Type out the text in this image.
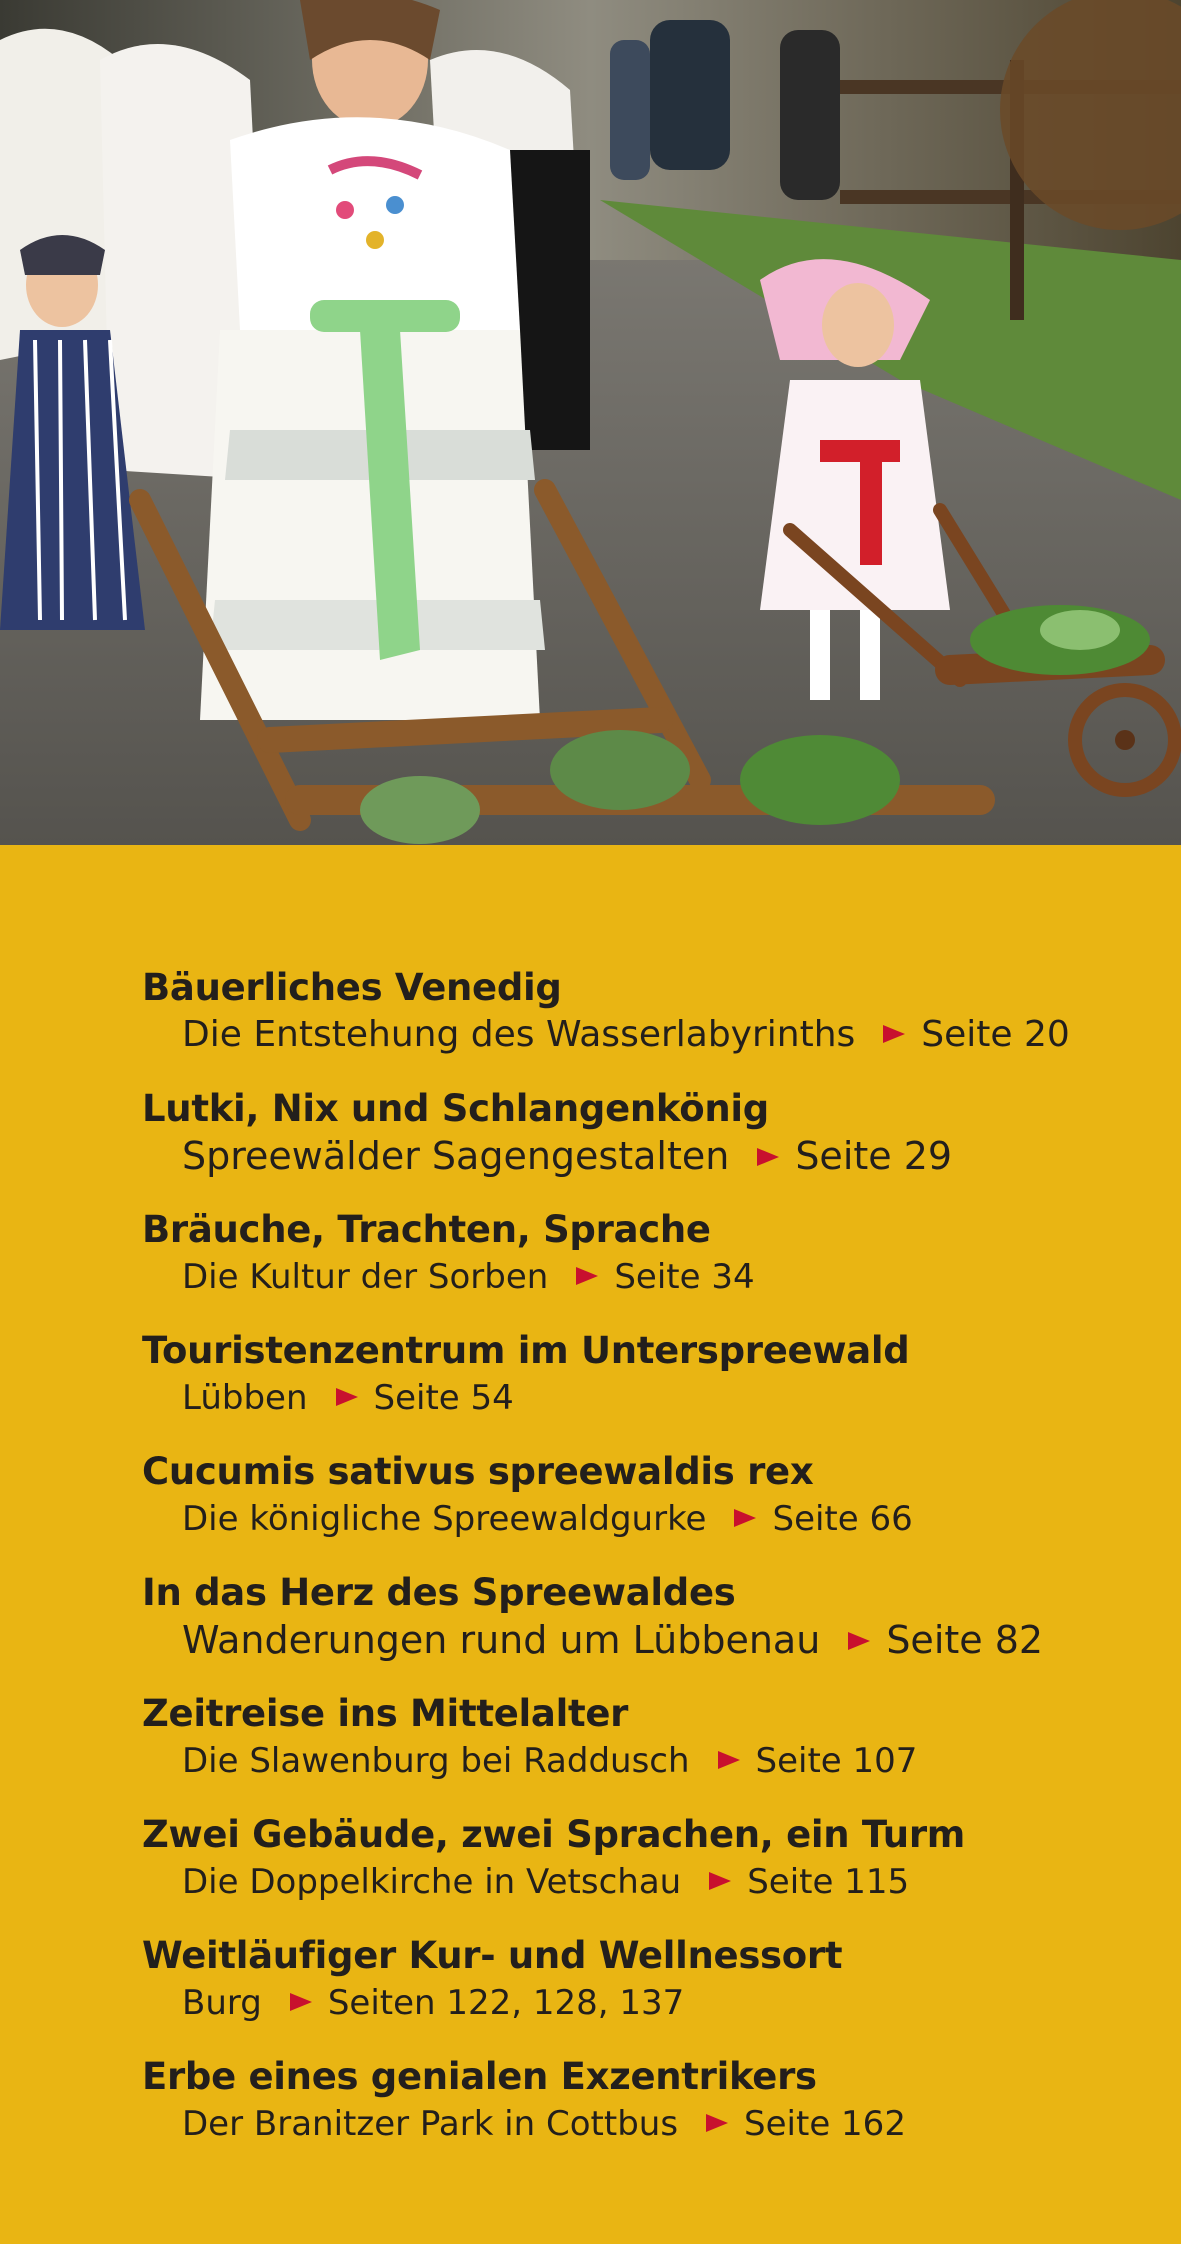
Bäuerliches Venedig
Die Entstehung des Wasserlabyrinths Seite 20
Lutki, Nix und Schlangenkönig
Spreewälder Sagengestalten Seite 29
Bräuche, Trachten, Sprache
Die Kultur der Sorben Seite 34
Touristenzentrum im Unterspreewald
Lübben Seite 54
Cucumis sativus spreewaldis rex
Die königliche Spreewaldgurke Seite 66
In das Herz des Spreewaldes
Wanderungen rund um Lübbenau Seite 82
Zeitreise ins Mittelalter
Die Slawenburg bei Raddusch Seite 107
Zwei Gebäude, zwei Sprachen, ein Turm
Die Doppelkirche in Vetschau Seite 115
Weitläufiger Kur- und Wellnessort
Burg Seiten 122, 128, 137
Erbe eines genialen Exzentrikers
Der Branitzer Park in Cottbus Seite 162
